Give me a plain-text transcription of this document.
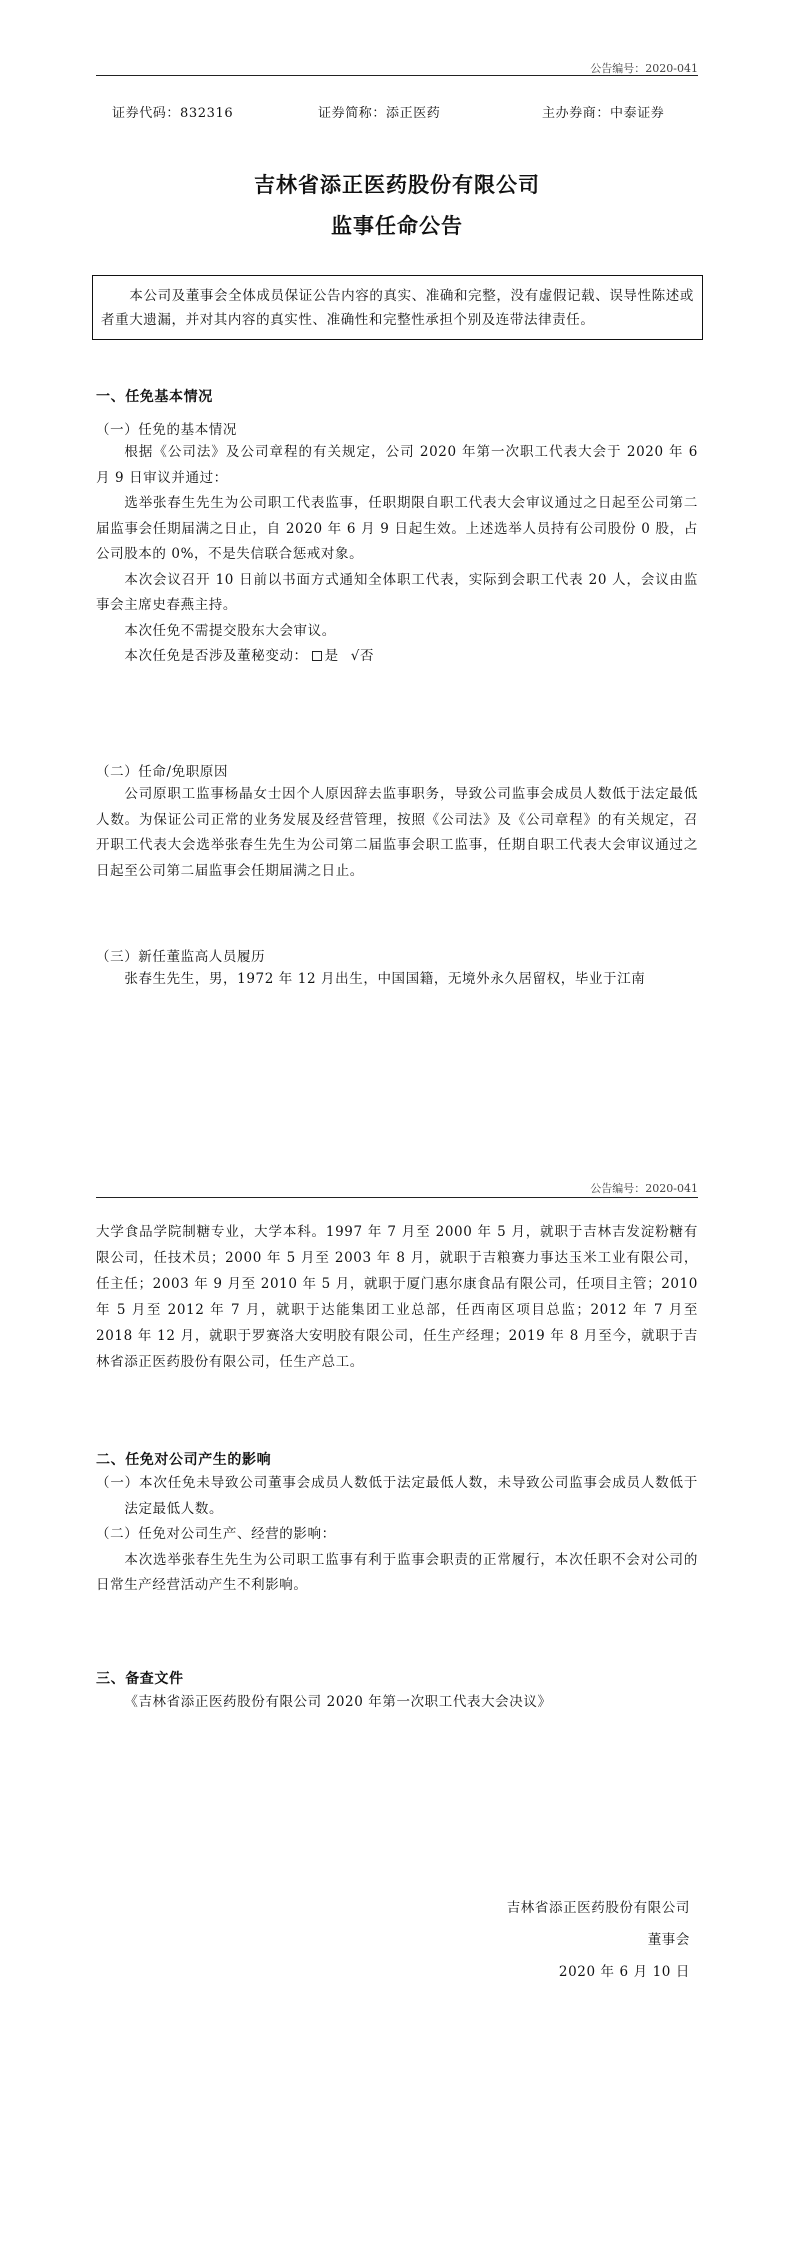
公告编号：2020-041
证券代码：832316	证券简称：添正医药	主办券商：中泰证券
吉林省添正医药股份有限公司
监事任命公告
本公司及董事会全体成员保证公告内容的真实、准确和完整，没有虚假记载、误导性陈述或者重大遗漏，并对其内容的真实性、准确性和完整性承担个别及连带法律责任。
一、任免基本情况
（一）任免的基本情况
根据《公司法》及公司章程的有关规定，公司 2020 年第一次职工代表大会于 2020 年 6 月 9 日审议并通过：
选举张春生先生为公司职工代表监事，任职期限自职工代表大会审议通过之日起至公司第二届监事会任期届满之日止，自 2020 年 6 月 9 日起生效。上述选举人员持有公司股份 0 股，占公司股本的 0%，不是失信联合惩戒对象。
本次会议召开 10 日前以书面方式通知全体职工代表，实际到会职工代表 20 人，会议由监事会主席史春燕主持。
本次任免不需提交股东大会审议。
本次任免是否涉及董秘变动： 是 √否
（二）任命/免职原因
公司原职工监事杨晶女士因个人原因辞去监事职务，导致公司监事会成员人数低于法定最低人数。为保证公司正常的业务发展及经营管理，按照《公司法》及《公司章程》的有关规定，召开职工代表大会选举张春生先生为公司第二届监事会职工监事，任期自职工代表大会审议通过之日起至公司第二届监事会任期届满之日止。
（三）新任董监高人员履历
张春生先生，男，1972 年 12 月出生，中国国籍，无境外永久居留权，毕业于江南
公告编号：2020-041
大学食品学院制糖专业，大学本科。1997 年 7 月至 2000 年 5 月，就职于吉林吉发淀粉糖有限公司，任技术员；2000 年 5 月至 2003 年 8 月，就职于吉粮赛力事达玉米工业有限公司，任主任；2003 年 9 月至 2010 年 5 月，就职于厦门惠尔康食品有限公司，任项目主管；2010 年 5 月至 2012 年 7 月，就职于达能集团工业总部，任西南区项目总监；2012 年 7 月至 2018 年 12 月，就职于罗赛洛大安明胶有限公司，任生产经理；2019 年 8 月至今，就职于吉林省添正医药股份有限公司，任生产总工。
二、任免对公司产生的影响
（一）本次任免未导致公司董事会成员人数低于法定最低人数，未导致公司监事会成员人数低于法定最低人数。
（二）任免对公司生产、经营的影响：
本次选举张春生先生为公司职工监事有利于监事会职责的正常履行，本次任职不会对公司的日常生产经营活动产生不利影响。
三、备查文件
《吉林省添正医药股份有限公司 2020 年第一次职工代表大会决议》
吉林省添正医药股份有限公司
董事会
2020 年 6 月 10 日
